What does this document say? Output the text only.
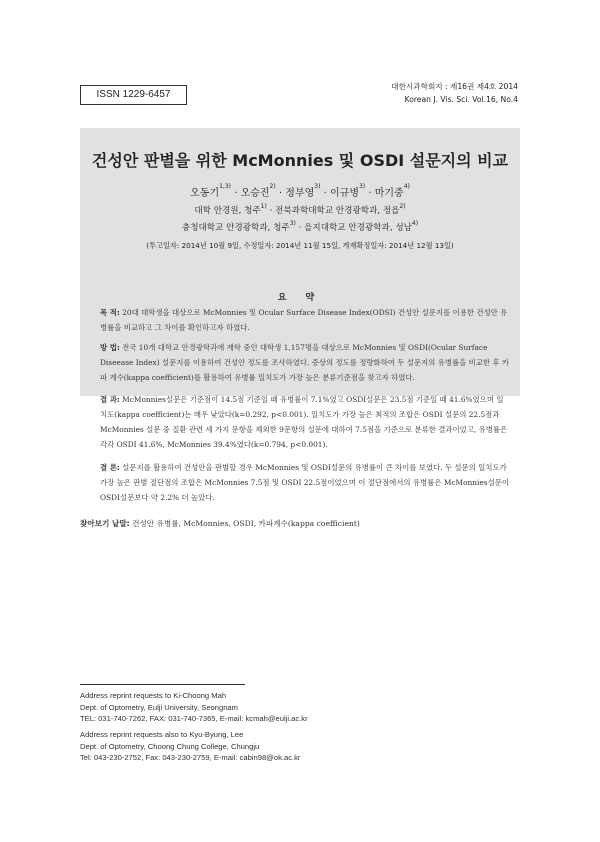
ISSN 1229-6457
대한시과학회지 : 제16권 제4호 2014
Korean J. Vis. Sci. Vol.16, No.4
건성안 판별을 위한 McMonnies 및 OSDI 설문지의 비교
오동기$^{1,3)}$ · 오승진$^{2)}$ · 정부영$^{3)}$ · 이규병$^{3)}$ · 마기중$^{4)}$
대학 안경원, 청주$^{1)}$ · 전북과학대학교 안경광학과, 정읍$^{2)}$
충청대학교 안경광학과, 청주$^{3)}$ · 을지대학교 안경광학과, 성남$^{4)}$
(투고일자: 2014년 10월 9일, 수정일자: 2014년 11월 15일, 게재확정일자: 2014년 12월 13일)
요 약
목 적: 20대 대학생을 대상으로 McMonnies 및 Ocular Surface Disease Index(ODSI) 건성안 설문지를 이용한 건성안 유병률을 비교하고 그 차이를 확인하고자 하였다.
방 법: 전국 10개 대학교 안경광학과에 재학 중인 대학생 1,157명을 대상으로 McMonnies 및 OSDI(Ocular Surface Diseease Index) 설문지를 이용하여 건성안 정도를 조사하였다. 증상의 정도를 정량화하여 두 설문지의 유병률을 비교한 후 카파 계수(kappa coefficient)를 활용하여 유병률 일치도가 가장 높은 분류기준점을 찾고자 하였다.
결 과: McMonnies설문은 기준점이 14.5점 기준일 때 유병률이 7.1%였고 OSDI설문은 23.5점 기준일 때 41.6%였으며 일치도(kappa coefficient)는 매우 낮았다(k=0.292, p<0.001). 일치도가 가장 높은 최적의 조합은 OSDI 설문의 22.5점과 McMonnies 설문 중 질환 관련 세 가지 문항을 제외한 9문항의 설문에 대하여 7.5점을 기준으로 분류한 결과이었고, 유병률은 각각 OSDI 41.6%, McMonnies 39.4%였다(k=0.794, p<0.001).
결 론: 설문지를 활용하여 건성안을 판별할 경우 McMonnies 및 OSDI설문의 유병률이 큰 차이를 보였다. 두 설문의 일치도가 가장 높은 판별 절단점의 조합은 McMonnies 7.5점 및 OSDI 22.5점이었으며 이 절단점에서의 유병률은 McMonnies설문이 OSDI설문보다 약 2.2% 더 높았다.
찾아보기 낱말: 건성안 유병률, McMonnies, OSDI, 카파계수(kappa coefficient)
Address reprint requests to Ki-Choong Mah
Dept. of Optometry, Eulji University, Seongnam
TEL: 031-740-7262, FAX: 031-740-7365, E-mail: kcmah@eulji.ac.kr
Address reprint requests also to Kyu-Byung, Lee
Dept. of Optometry, Choong Chung College, Chungju
Tel: 043-230-2752, Fax: 043-230-2759, E-mail: cabin98@ok.ac.kr
